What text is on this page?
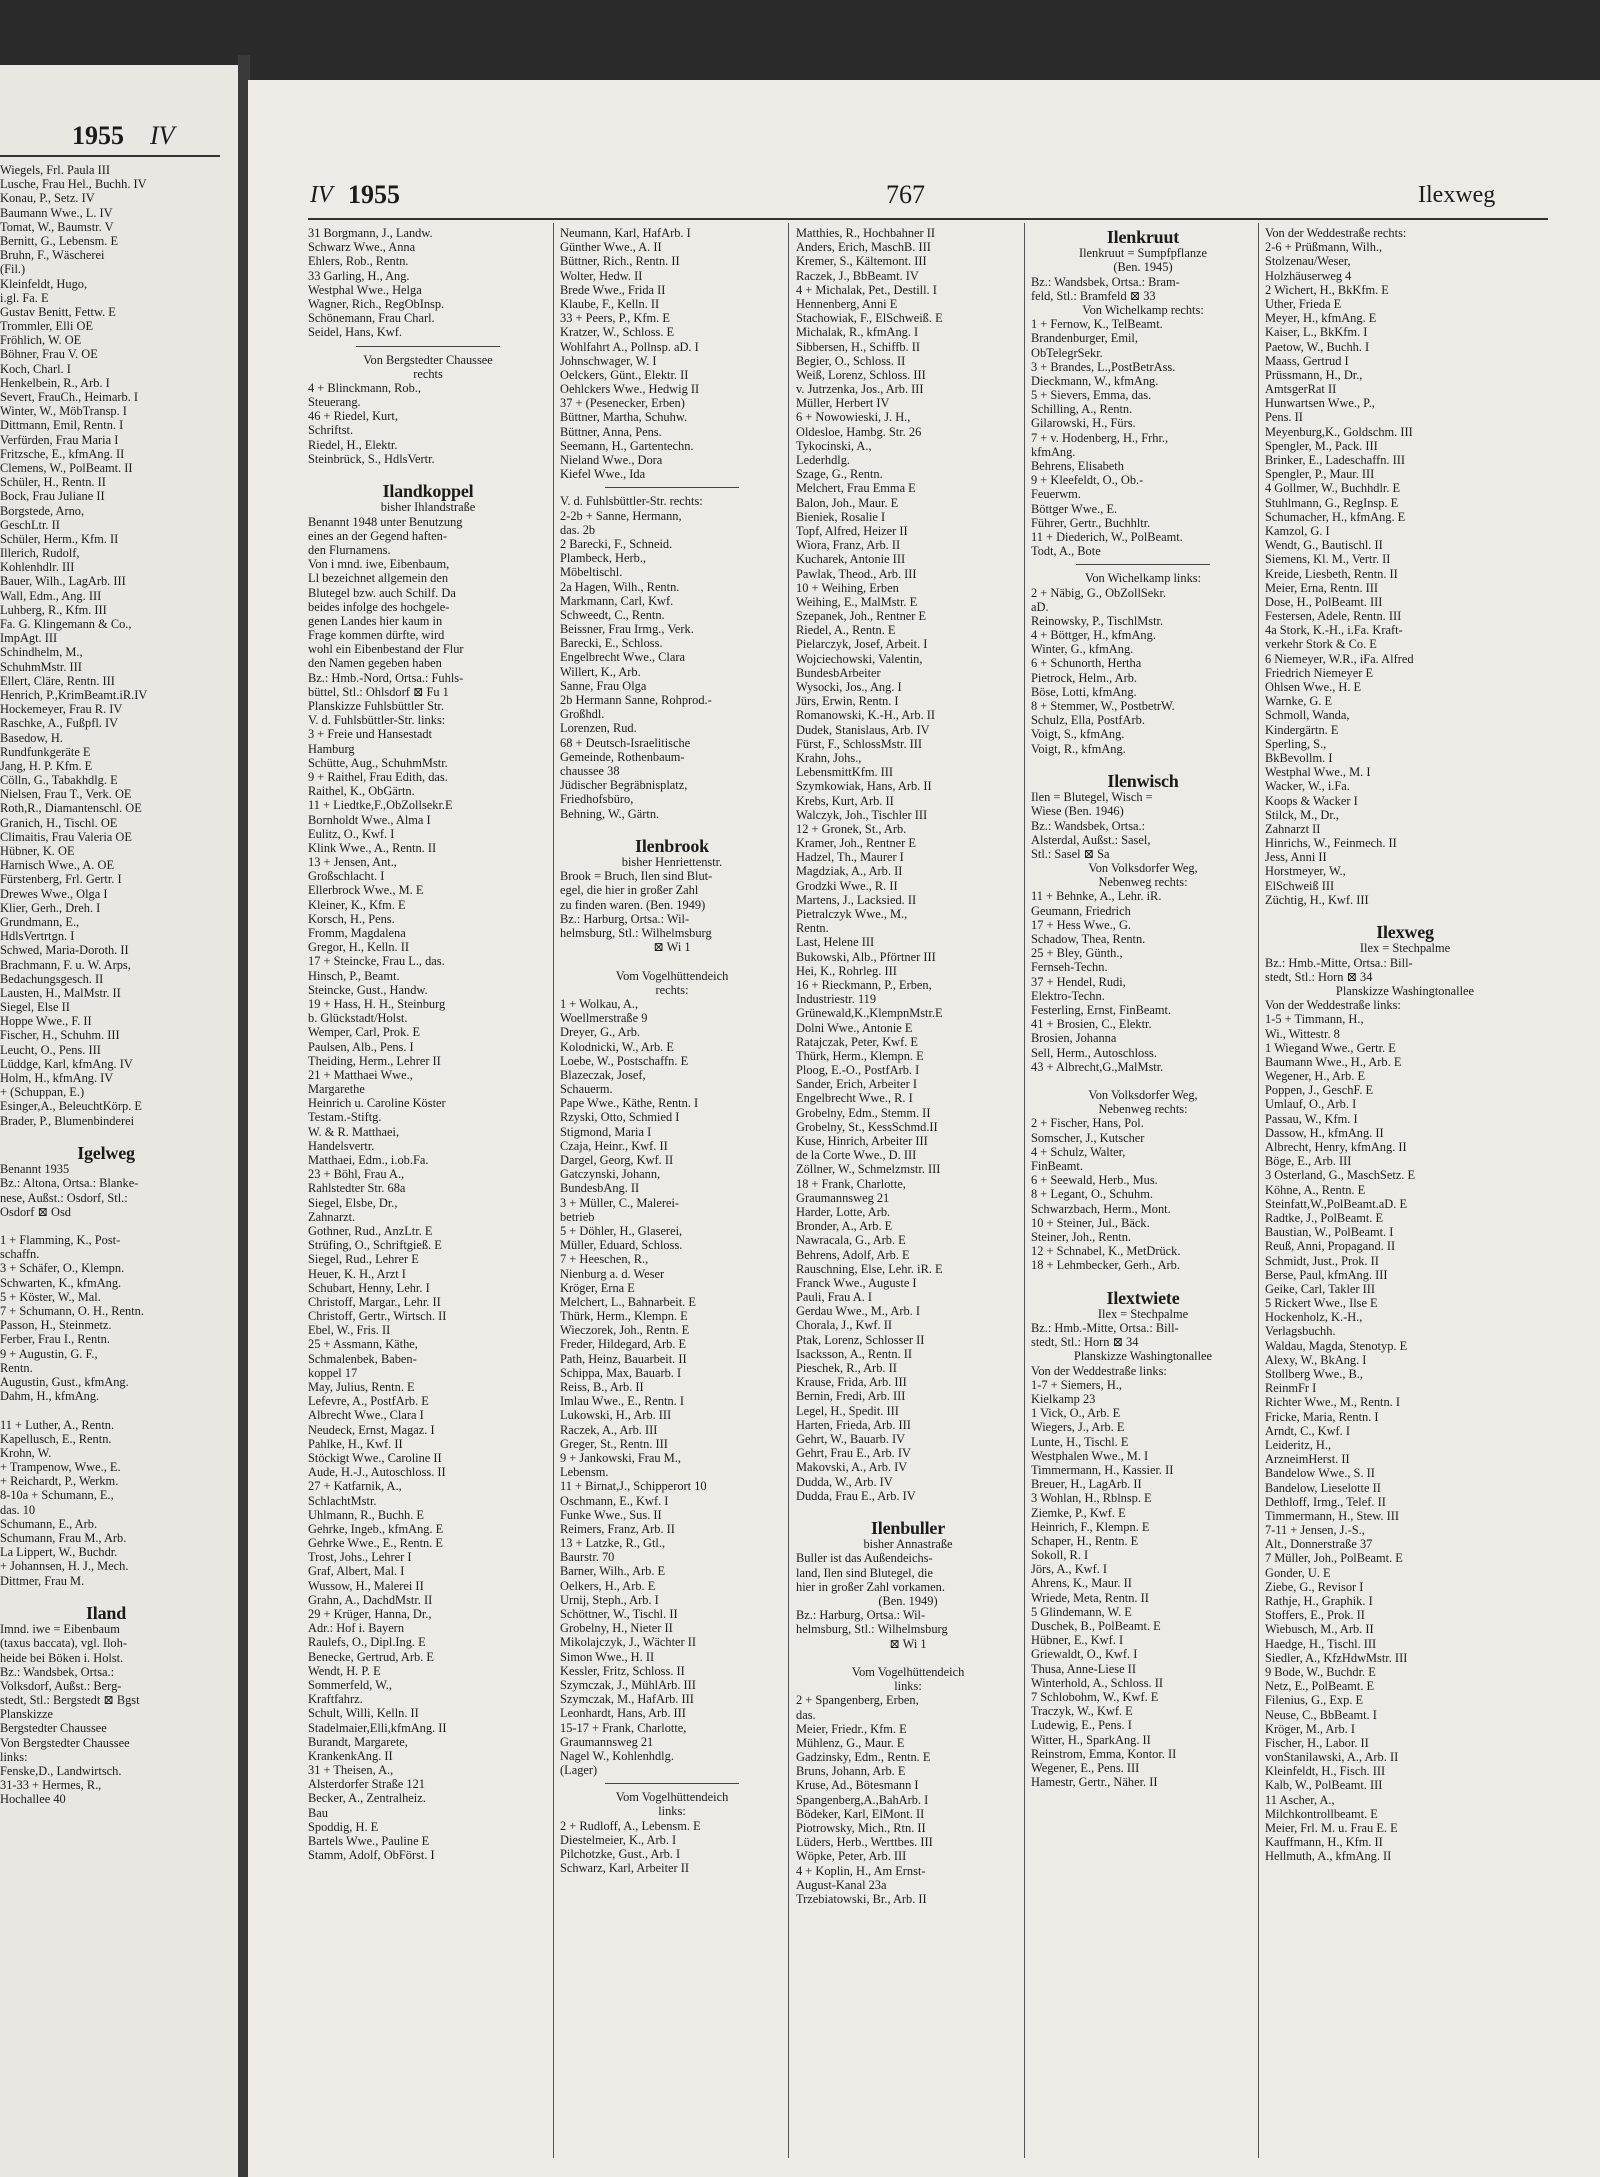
1955 IV
Wiegels, Frl. Paula III
Lusche, Frau Hel., Buchh. IV
Konau, P., Setz. IV
Baumann Wwe., L. IV
Tomat, W., Baumstr. V
Bernitt, G., Lebensm. E
Bruhn, F., Wäscherei
(Fil.)
Kleinfeldt, Hugo,
i.gl. Fa. E
Gustav Benitt, Fettw. E
Trommler, Elli OE
Fröhlich, W. OE
Böhner, Frau V. OE
Koch, Charl. I
Henkelbein, R., Arb. I
Severt, FrauCh., Heimarb. I
Winter, W., MöbTransp. I
Dittmann, Emil, Rentn. I
Verfürden, Frau Maria I
Fritzsche, E., kfmAng. II
Clemens, W., PolBeamt. II
Schüler, H., Rentn. II
Bock, Frau Juliane II
Borgstede, Arno,
GeschLtr. II
Schüler, Herm., Kfm. II
Illerich, Rudolf,
Kohlenhdlr. III
Bauer, Wilh., LagArb. III
Wall, Edm., Ang. III
Luhberg, R., Kfm. III
Fa. G. Klingemann & Co.,
ImpAgt. III
Schindhelm, M.,
SchuhmMstr. III
Ellert, Cläre, Rentn. III
Henrich, P.,KrimBeamt.iR.IV
Hockemeyer, Frau R. IV
Raschke, A., Fußpfl. IV
Basedow, H.
Rundfunkgeräte E
Jang, H. P. Kfm. E
Cölln, G., Tabakhdlg. E
Nielsen, Frau T., Verk. OE
Roth,R., Diamantenschl. OE
Granich, H., Tischl. OE
Climaitis, Frau Valeria OE
Hübner, K. OE
Harnisch Wwe., A. OE
Fürstenberg, Frl. Gertr. I
Drewes Wwe., Olga I
Klier, Gerh., Dreh. I
Grundmann, E.,
HdlsVertrtgn. I
Schwed, Maria-Doroth. II
Brachmann, F. u. W. Arps,
Bedachungsgesch. II
Lausten, H., MalMstr. II
Siegel, Else II
Hoppe Wwe., F. II
Fischer, H., Schuhm. III
Leucht, O., Pens. III
Lüddge, Karl, kfmAng. IV
Holm, H., kfmAng. IV
+ (Schuppan, E.)
Esinger,A., BeleuchtKörp. E
Brader, P., Blumenbinderei
Igelweg
Benannt 1935
Bz.: Altona, Ortsa.: Blanke-
nese, Außst.: Osdorf, Stl.:
Osdorf ⊠ Osd
1 + Flamming, K., Post-
schaffn.
3 + Schäfer, O., Klempn.
Schwarten, K., kfmAng.
5 + Köster, W., Mal.
7 + Schumann, O. H., Rentn.
Passon, H., Steinmetz.
Ferber, Frau I., Rentn.
9 + Augustin, G. F.,
Rentn.
Augustin, Gust., kfmAng.
Dahm, H., kfmAng.
11 + Luther, A., Rentn.
Kapellusch, E., Rentn.
Krohn, W.
+ Trampenow, Wwe., E.
+ Reichardt, P., Werkm.
8-10a + Schumann, E.,
das. 10
Schumann, E., Arb.
Schumann, Frau M., Arb.
La Lippert, W., Buchdr.
+ Johannsen, H. J., Mech.
Dittmer, Frau M.
Iland
Imnd. iwe = Eibenbaum
(taxus baccata), vgl. Iloh-
heide bei Böken i. Holst.
Bz.: Wandsbek, Ortsa.:
Volksdorf, Außst.: Berg-
stedt, Stl.: Bergstedt ⊠ Bgst
Planskizze
Bergstedter Chaussee
Von Bergstedter Chaussee
links:
Fenske,D., Landwirtsch.
31-33 + Hermes, R.,
Hochallee 40
IV 1955	767	Ilexweg
31 Borgmann, J., Landw.
Schwarz Wwe., Anna
Ehlers, Rob., Rentn.
33 Garling, H., Ang.
Westphal Wwe., Helga
Wagner, Rich., RegObInsp.
Schönemann, Frau Charl.
Seidel, Hans, Kwf.
Von Bergstedter Chaussee
rechts
4 + Blinckmann, Rob.,
Steuerang.
46 + Riedel, Kurt,
Schriftst.
Riedel, H., Elektr.
Steinbrück, S., HdlsVertr.
Ilandkoppel
bisher Ihlandstraße
Benannt 1948 unter Benutzung
eines an der Gegend haften-
den Flurnamens.
Von i mnd. iwe, Eibenbaum,
Ll bezeichnet allgemein den
Blutegel bzw. auch Schilf. Da
beides infolge des hochgele-
genen Landes hier kaum in
Frage kommen dürfte, wird
wohl ein Eibenbestand der Flur
den Namen gegeben haben
Bz.: Hmb.-Nord, Ortsa.: Fuhls-
büttel, Stl.: Ohlsdorf ⊠ Fu 1
Planskizze Fuhlsbüttler Str.
V. d. Fuhlsbüttler-Str. links:
3 + Freie und Hansestadt
Hamburg
Schütte, Aug., SchuhmMstr.
9 + Raithel, Frau Edith, das.
Raithel, K., ObGärtn.
11 + Liedtke,F.,ObZollsekr.E
Bornholdt Wwe., Alma I
Eulitz, O., Kwf. I
Klink Wwe., A., Rentn. II
13 + Jensen, Ant.,
Großschlacht. I
Ellerbrock Wwe., M. E
Kleiner, K., Kfm. E
Korsch, H., Pens.
Fromm, Magdalena
Gregor, H., Kelln. II
17 + Steincke, Frau L., das.
Hinsch, P., Beamt.
Steincke, Gust., Handw.
19 + Hass, H. H., Steinburg
b. Glückstadt/Holst.
Wemper, Carl, Prok. E
Paulsen, Alb., Pens. I
Theiding, Herm., Lehrer II
21 + Matthaei Wwe.,
Margarethe
Heinrich u. Caroline Köster
Testam.-Stiftg.
W. & R. Matthaei,
Handelsvertr.
Matthaei, Edm., i.ob.Fa.
23 + Böhl, Frau A.,
Rahlstedter Str. 68a
Siegel, Elsbe, Dr.,
Zahnarzt.
Gothner, Rud., AnzLtr. E
Strüfing, O., Schriftgieß. E
Siegel, Rud., Lehrer E
Heuer, K. H., Arzt I
Schubart, Henny, Lehr. I
Christoff, Margar., Lehr. II
Christoff, Gertr., Wirtsch. II
Ebel, W., Fris. II
25 + Assmann, Käthe,
Schmalenbek, Baben-
koppel 17
May, Julius, Rentn. E
Lefevre, A., PostfArb. E
Albrecht Wwe., Clara I
Neudeck, Ernst, Magaz. I
Pahlke, H., Kwf. II
Stöckigt Wwe., Caroline II
Aude, H.-J., Autoschloss. II
27 + Katfarnik, A.,
SchlachtMstr.
Uhlmann, R., Buchh. E
Gehrke, Ingeb., kfmAng. E
Gehrke Wwe., E., Rentn. E
Trost, Johs., Lehrer I
Graf, Albert, Mal. I
Wussow, H., Malerei II
Grahn, A., DachdMstr. II
29 + Krüger, Hanna, Dr.,
Adr.: Hof i. Bayern
Raulefs, O., Dipl.Ing. E
Benecke, Gertrud, Arb. E
Wendt, H. P. E
Sommerfeld, W.,
Kraftfahrz.
Schult, Willi, Kelln. II
Stadelmaier,Elli,kfmAng. II
Burandt, Margarete,
KrankenkAng. II
31 + Theisen, A.,
Alsterdorfer Straße 121
Becker, A., Zentralheiz.
Bau
Spoddig, H. E
Bartels Wwe., Pauline E
Stamm, Adolf, ObFörst. I
Neumann, Karl, HafArb. I
Günther Wwe., A. II
Büttner, Rich., Rentn. II
Wolter, Hedw. II
Brede Wwe., Frida II
Klaube, F., Kelln. II
33 + Peers, P., Kfm. E
Kratzer, W., Schloss. E
Wohlfahrt A., Pollnsp. aD. I
Johnschwager, W. I
Oelckers, Günt., Elektr. II
Oehlckers Wwe., Hedwig II
37 + (Pesenecker, Erben)
Büttner, Martha, Schuhw.
Büttner, Anna, Pens.
Seemann, H., Gartentechn.
Nieland Wwe., Dora
Kiefel Wwe., Ida
V. d. Fuhlsbüttler-Str. rechts:
2-2b + Sanne, Hermann,
das. 2b
2 Barecki, F., Schneid.
Plambeck, Herb.,
Möbeltischl.
2a Hagen, Wilh., Rentn.
Markmann, Carl, Kwf.
Schweedt, C., Rentn.
Beissner, Frau Irmg., Verk.
Barecki, E., Schloss.
Engelbrecht Wwe., Clara
Willert, K., Arb.
Sanne, Frau Olga
2b Hermann Sanne, Rohprod.-
Großhdl.
Lorenzen, Rud.
68 + Deutsch-Israelitische
Gemeinde, Rothenbaum-
chaussee 38
Jüdischer Begräbnisplatz,
Friedhofsbüro,
Behning, W., Gärtn.
Ilenbrook
bisher Henriettenstr.
Brook = Bruch, Ilen sind Blut-
egel, die hier in großer Zahl
zu finden waren. (Ben. 1949)
Bz.: Harburg, Ortsa.: Wil-
helmsburg, Stl.: Wilhelmsburg
⊠ Wi 1
Vom Vogelhüttendeich
rechts:
1 + Wolkau, A.,
Woellmerstraße 9
Dreyer, G., Arb.
Kolodnicki, W., Arb. E
Loebe, W., Postschaffn. E
Blazeczak, Josef,
Schauerm.
Pape Wwe., Käthe, Rentn. I
Rzyski, Otto, Schmied I
Stigmond, Maria I
Czaja, Heinr., Kwf. II
Dargel, Georg, Kwf. II
Gatczynski, Johann,
BundesbAng. II
3 + Müller, C., Malerei-
betrieb
5 + Döhler, H., Glaserei,
Müller, Eduard, Schloss.
7 + Heeschen, R.,
Nienburg a. d. Weser
Kröger, Erna E
Melchert, L., Bahnarbeit. E
Thürk, Herm., Klempn. E
Wieczorek, Joh., Rentn. E
Freder, Hildegard, Arb. E
Path, Heinz, Bauarbeit. II
Schippa, Max, Bauarb. I
Reiss, B., Arb. II
Imlau Wwe., E., Rentn. I
Lukowski, H., Arb. III
Raczek, A., Arb. III
Greger, St., Rentn. III
9 + Jankowski, Frau M.,
Lebensm.
11 + Birnat,J., Schipperort 10
Oschmann, E., Kwf. I
Funke Wwe., Sus. II
Reimers, Franz, Arb. II
13 + Latzke, R., Gtl.,
Baurstr. 70
Barner, Wilh., Arb. E
Oelkers, H., Arb. E
Urnij, Steph., Arb. I
Schöttner, W., Tischl. II
Grobelny, H., Nieter II
Mikolajczyk, J., Wächter II
Simon Wwe., H. II
Kessler, Fritz, Schloss. II
Szymczak, J., MühlArb. III
Szymczak, M., HafArb. III
Leonhardt, Hans, Arb. III
15-17 + Frank, Charlotte,
Graumannsweg 21
Nagel W., Kohlenhdlg.
(Lager)
Vom Vogelhüttendeich
links:
2 + Rudloff, A., Lebensm. E
Diestelmeier, K., Arb. I
Pilchotzke, Gust., Arb. I
Schwarz, Karl, Arbeiter II
Matthies, R., Hochbahner II
Anders, Erich, MaschB. III
Kremer, S., Kältemont. III
Raczek, J., BbBeamt. IV
4 + Michalak, Pet., Destill. I
Hennenberg, Anni E
Stachowiak, F., ElSchweiß. E
Michalak, R., kfmAng. I
Sibbersen, H., Schiffb. II
Begier, O., Schloss. II
Weiß, Lorenz, Schloss. III
v. Jutrzenka, Jos., Arb. III
Müller, Herbert IV
6 + Nowowieski, J. H.,
Oldesloe, Hambg. Str. 26
Tykocinski, A.,
Lederhdlg.
Szage, G., Rentn.
Melchert, Frau Emma E
Balon, Joh., Maur. E
Bieniek, Rosalie I
Topf, Alfred, Heizer II
Wiora, Franz, Arb. II
Kucharek, Antonie III
Pawlak, Theod., Arb. III
10 + Weihing, Erben
Weihing, E., MalMstr. E
Szepanek, Joh., Rentner E
Riedel, A., Rentn. E
Pielarczyk, Josef, Arbeit. I
Wojciechowski, Valentin,
BundesbArbeiter
Wysocki, Jos., Ang. I
Jürs, Erwin, Rentn. I
Romanowski, K.-H., Arb. II
Dudek, Stanislaus, Arb. IV
Fürst, F., SchlossMstr. III
Krahn, Johs.,
LebensmittKfm. III
Szymkowiak, Hans, Arb. II
Krebs, Kurt, Arb. II
Walczyk, Joh., Tischler III
12 + Gronek, St., Arb.
Kramer, Joh., Rentner E
Hadzel, Th., Maurer I
Magdziak, A., Arb. II
Grodzki Wwe., R. II
Martens, J., Lacksied. II
Pietralczyk Wwe., M.,
Rentn.
Last, Helene III
Bukowski, Alb., Pförtner III
Hei, K., Rohrleg. III
16 + Rieckmann, P., Erben,
Industriestr. 119
Grünewald,K.,KlempnMstr.E
Dolni Wwe., Antonie E
Ratajczak, Peter, Kwf. E
Thürk, Herm., Klempn. E
Ploog, E.-O., PostfArb. I
Sander, Erich, Arbeiter I
Engelbrecht Wwe., R. I
Grobelny, Edm., Stemm. II
Grobelny, St., KessSchmd.II
Kuse, Hinrich, Arbeiter III
de la Corte Wwe., D. III
Zöllner, W., Schmelzmstr. III
18 + Frank, Charlotte,
Graumannsweg 21
Harder, Lotte, Arb.
Bronder, A., Arb. E
Nawracala, G., Arb. E
Behrens, Adolf, Arb. E
Rauschning, Else, Lehr. iR. E
Franck Wwe., Auguste I
Pauli, Frau A. I
Gerdau Wwe., M., Arb. I
Chorala, J., Kwf. II
Ptak, Lorenz, Schlosser II
Isacksson, A., Rentn. II
Pieschek, R., Arb. II
Krause, Frida, Arb. III
Bernin, Fredi, Arb. III
Legel, H., Spedit. III
Harten, Frieda, Arb. III
Gehrt, W., Bauarb. IV
Gehrt, Frau E., Arb. IV
Makovski, A., Arb. IV
Dudda, W., Arb. IV
Dudda, Frau E., Arb. IV
Ilenbuller
bisher Annastraße
Buller ist das Außendeichs-
land, Ilen sind Blutegel, die
hier in großer Zahl vorkamen.
(Ben. 1949)
Bz.: Harburg, Ortsa.: Wil-
helmsburg, Stl.: Wilhelmsburg
⊠ Wi 1
Vom Vogelhüttendeich
links:
2 + Spangenberg, Erben,
das.
Meier, Friedr., Kfm. E
Mühlenz, G., Maur. E
Gadzinsky, Edm., Rentn. E
Bruns, Johann, Arb. E
Kruse, Ad., Bötesmann I
Spangenberg,A.,BahArb. I
Bödeker, Karl, ElMont. II
Piotrowsky, Mich., Rtn. II
Lüders, Herb., Werttbes. III
Wöpke, Peter, Arb. III
4 + Koplin, H., Am Ernst-
August-Kanal 23a
Trzebiatowski, Br., Arb. II
Ilenkruut
Ilenkruut = Sumpfpflanze
(Ben. 1945)
Bz.: Wandsbek, Ortsa.: Bram-
feld, Stl.: Bramfeld ⊠ 33
Von Wichelkamp rechts:
1 + Fernow, K., TelBeamt.
Brandenburger, Emil,
ObTelegrSekr.
3 + Brandes, L.,PostBetrAss.
Dieckmann, W., kfmAng.
5 + Sievers, Emma, das.
Schilling, A., Rentn.
Gilarowski, H., Fürs.
7 + v. Hodenberg, H., Frhr.,
kfmAng.
Behrens, Elisabeth
9 + Kleefeldt, O., Ob.-
Feuerwm.
Böttger Wwe., E.
Führer, Gertr., Buchhltr.
11 + Diederich, W., PolBeamt.
Todt, A., Bote
Von Wichelkamp links:
2 + Näbig, G., ObZollSekr.
aD.
Reinowsky, P., TischlMstr.
4 + Böttger, H., kfmAng.
Winter, G., kfmAng.
6 + Schunorth, Hertha
Pietrock, Helm., Arb.
Böse, Lotti, kfmAng.
8 + Stemmer, W., PostbetrW.
Schulz, Ella, PostfArb.
Voigt, S., kfmAng.
Voigt, R., kfmAng.
Ilenwisch
Ilen = Blutegel, Wisch =
Wiese (Ben. 1946)
Bz.: Wandsbek, Ortsa.:
Alsterdal, Außst.: Sasel,
Stl.: Sasel ⊠ Sa
Von Volksdorfer Weg,
Nebenweg rechts:
11 + Behnke, A., Lehr. iR.
Geumann, Friedrich
17 + Hess Wwe., G.
Schadow, Thea, Rentn.
25 + Bley, Günth.,
Fernseh-Techn.
37 + Hendel, Rudi,
Elektro-Techn.
Festerling, Ernst, FinBeamt.
41 + Brosien, C., Elektr.
Brosien, Johanna
Sell, Herm., Autoschloss.
43 + Albrecht,G.,MalMstr.
Von Volksdorfer Weg,
Nebenweg rechts:
2 + Fischer, Hans, Pol.
Somscher, J., Kutscher
4 + Schulz, Walter,
FinBeamt.
6 + Seewald, Herb., Mus.
8 + Legant, O., Schuhm.
Schwarzbach, Herm., Mont.
10 + Steiner, Jul., Bäck.
Steiner, Joh., Rentn.
12 + Schnabel, K., MetDrück.
18 + Lehmbecker, Gerh., Arb.
Ilextwiete
Ilex = Stechpalme
Bz.: Hmb.-Mitte, Ortsa.: Bill-
stedt, Stl.: Horn ⊠ 34
Planskizze Washingtonallee
Von der Weddestraße links:
1-7 + Siemers, H.,
Kielkamp 23
1 Vick, O., Arb. E
Wiegers, J., Arb. E
Lunte, H., Tischl. E
Westphalen Wwe., M. I
Timmermann, H., Kassier. II
Breuer, H., LagArb. II
3 Wohlan, H., Rblnsp. E
Ziemke, P., Kwf. E
Heinrich, F., Klempn. E
Schaper, H., Rentn. E
Sokoll, R. I
Jörs, A., Kwf. I
Ahrens, K., Maur. II
Wriede, Meta, Rentn. II
5 Glindemann, W. E
Duschek, B., PolBeamt. E
Hübner, E., Kwf. I
Griewaldt, O., Kwf. I
Thusa, Anne-Liese II
Winterhold, A., Schloss. II
7 Schlobohm, W., Kwf. E
Traczyk, W., Kwf. E
Ludewig, E., Pens. I
Witter, H., SparkAng. II
Reinstrom, Emma, Kontor. II
Wegener, E., Pens. III
Hamestr, Gertr., Näher. II
Von der Weddestraße rechts:
2-6 + Prüßmann, Wilh.,
Stolzenau/Weser,
Holzhäuserweg 4
2 Wichert, H., BkKfm. E
Uther, Frieda E
Meyer, H., kfmAng. E
Kaiser, L., BkKfm. I
Paetow, W., Buchh. I
Maass, Gertrud I
Prüssmann, H., Dr.,
AmtsgerRat II
Hunwartsen Wwe., P.,
Pens. II
Meyenburg,K., Goldschm. III
Spengler, M., Pack. III
Brinker, E., Ladeschaffn. III
Spengler, P., Maur. III
4 Gollmer, W., Buchhdlr. E
Stuhlmann, G., RegInsp. E
Schumacher, H., kfmAng. E
Kamzol, G. I
Wendt, G., Bautischl. II
Siemens, Kl. M., Vertr. II
Kreide, Liesbeth, Rentn. II
Meier, Erna, Rentn. III
Dose, H., PolBeamt. III
Festersen, Adele, Rentn. III
4a Stork, K.-H., i.Fa. Kraft-
verkehr Stork & Co. E
6 Niemeyer, W.R., iFa. Alfred
Friedrich Niemeyer E
Ohlsen Wwe., H. E
Warnke, G. E
Schmoll, Wanda,
Kindergärtn. E
Sperling, S.,
BkBevollm. I
Westphal Wwe., M. I
Wacker, W., i.Fa.
Koops & Wacker I
Stilck, M., Dr.,
Zahnarzt II
Hinrichs, W., Feinmech. II
Jess, Anni II
Horstmeyer, W.,
ElSchweiß III
Züchtig, H., Kwf. III
Ilexweg
Ilex = Stechpalme
Bz.: Hmb.-Mitte, Ortsa.: Bill-
stedt, Stl.: Horn ⊠ 34
Planskizze Washingtonallee
Von der Weddestraße links:
1-5 + Timmann, H.,
Wi., Wittestr. 8
1 Wiegand Wwe., Gertr. E
Baumann Wwe., H., Arb. E
Wegener, H., Arb. E
Poppen, J., GeschF. E
Umlauf, O., Arb. I
Passau, W., Kfm. I
Dassow, H., kfmAng. II
Albrecht, Henry, kfmAng. II
Böge, E., Arb. III
3 Osterland, G., MaschSetz. E
Köhne, A., Rentn. E
Steinfatt,W.,PolBeamt.aD. E
Radtke, J., PolBeamt. E
Baustian, W., PolBeamt. I
Reuß, Anni, Propagand. II
Schmidt, Just., Prok. II
Berse, Paul, kfmAng. III
Geike, Carl, Takler III
5 Rickert Wwe., Ilse E
Hockenholz, K.-H.,
Verlagsbuchh.
Waldau, Magda, Stenotyp. E
Alexy, W., BkAng. I
Stollberg Wwe., B.,
ReinmFr I
Richter Wwe., M., Rentn. I
Fricke, Maria, Rentn. I
Arndt, C., Kwf. I
Leideritz, H.,
ArzneimHerst. II
Bandelow Wwe., S. II
Bandelow, Lieselotte II
Dethloff, Irmg., Telef. II
Timmermann, H., Stew. III
7-11 + Jensen, J.-S.,
Alt., Donnerstraße 37
7 Müller, Joh., PolBeamt. E
Gonder, U. E
Ziebe, G., Revisor I
Rathje, H., Graphik. I
Stoffers, E., Prok. II
Wiebusch, M., Arb. II
Haedge, H., Tischl. III
Siedler, A., KfzHdwMstr. III
9 Bode, W., Buchdr. E
Netz, E., PolBeamt. E
Filenius, G., Exp. E
Neuse, C., BbBeamt. I
Kröger, M., Arb. I
Fischer, H., Labor. II
vonStanilawski, A., Arb. II
Kleinfeldt, H., Fisch. III
Kalb, W., PolBeamt. III
11 Ascher, A.,
Milchkontrollbeamt. E
Meier, Frl. M. u. Frau E. E
Kauffmann, H., Kfm. II
Hellmuth, A., kfmAng. II
